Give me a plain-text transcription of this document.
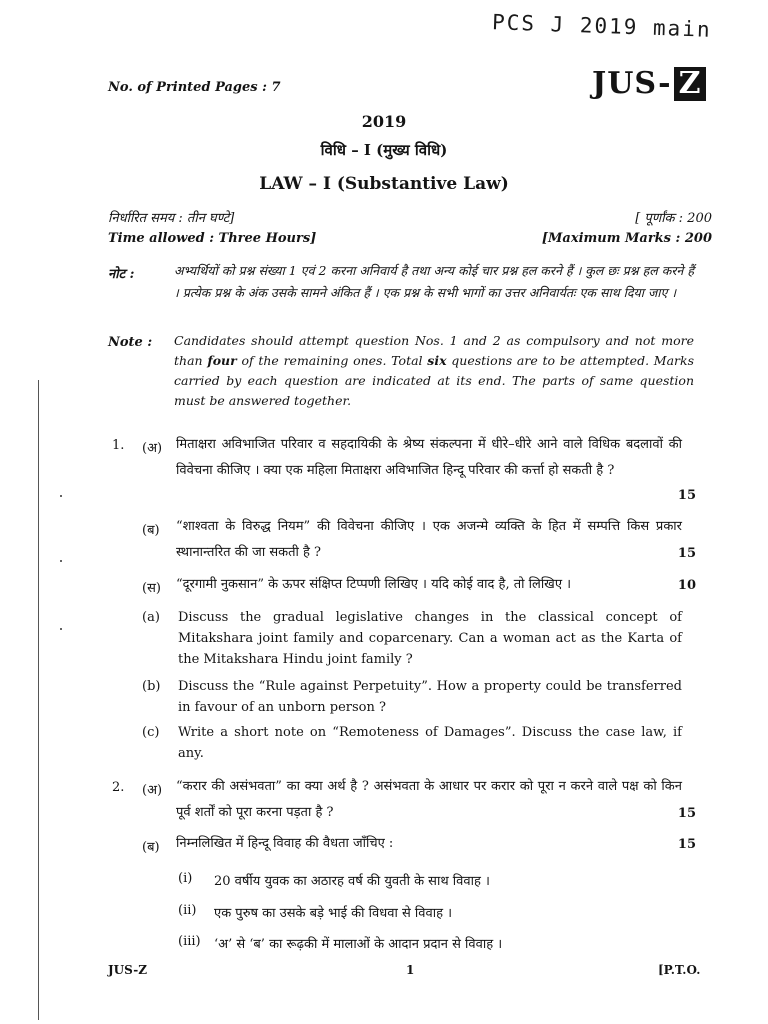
PCS J 2019 main
No. of Printed Pages : 7	JUS- Z
2019
विधि – I (मुख्य विधि)
LAW – I (Substantive Law)
निर्धारित समय : तीन घण्टे]	[ पूर्णांक : 200
Time allowed : Three Hours]	[Maximum Marks : 200
नोट :	अभ्यर्थियों को प्रश्न संख्या 1 एवं 2 करना अनिवार्य है तथा अन्य कोई चार प्रश्न हल करने हैं । कुल छः प्रश्न हल करने हैं । प्रत्येक प्रश्न के अंक उसके सामने अंकित हैं । एक प्रश्न के सभी भागों का उत्तर अनिवार्यतः एक साथ दिया जाए ।
Note : Candidates should attempt question Nos. 1 and 2 as compulsory and not more than four of the remaining ones. Total six questions are to be attempted. Marks carried by each question are indicated at its end. The parts of same question must be answered together.
1. (अ) मिताक्षरा अविभाजित परिवार व सहदायिकी के श्रेष्य संकल्पना में धीरे–धीरे आने वाले विधिक बदलावों की विवेचना कीजिए । क्या एक महिला मिताक्षरा अविभाजित हिन्दू परिवार की कर्त्ता हो सकती है ?
15
(ब) “शाश्वता के विरुद्ध नियम” की विवेचना कीजिए । एक अजन्मे व्यक्ति के हित में सम्पत्ति किस प्रकार स्थानान्तरित की जा सकती है ?	15
(स) “दूरगामी नुकसान” के ऊपर संक्षिप्त टिप्पणी लिखिए । यदि कोई वाद है, तो लिखिए ।	10
(a) Discuss the gradual legislative changes in the classical concept of Mitakshara joint family and coparcenary. Can a woman act as the Karta of the Mitakshara Hindu joint family ?
(b) Discuss the “Rule against Perpetuity”. How a property could be transferred in favour of an unborn person ?
(c) Write a short note on “Remoteness of Damages”. Discuss the case law, if any.
2. (अ) “करार की असंभवता” का क्या अर्थ है ? असंभवता के आधार पर करार को पूरा न करने वाले पक्ष को किन पूर्व शर्तों को पूरा करना पड़ता है ?	15
(ब) निम्नलिखित में हिन्दू विवाह की वैधता जाँचिए :	15
(i) 20 वर्षीय युवक का अठारह वर्ष की युवती के साथ विवाह ।
(ii) एक पुरुष का उसके बड़े भाई की विधवा से विवाह ।
(iii) ‘अ’ से ‘ब’ का रूढ़की में मालाओं के आदान प्रदान से विवाह ।
JUS-Z	1	[P.T.O.
